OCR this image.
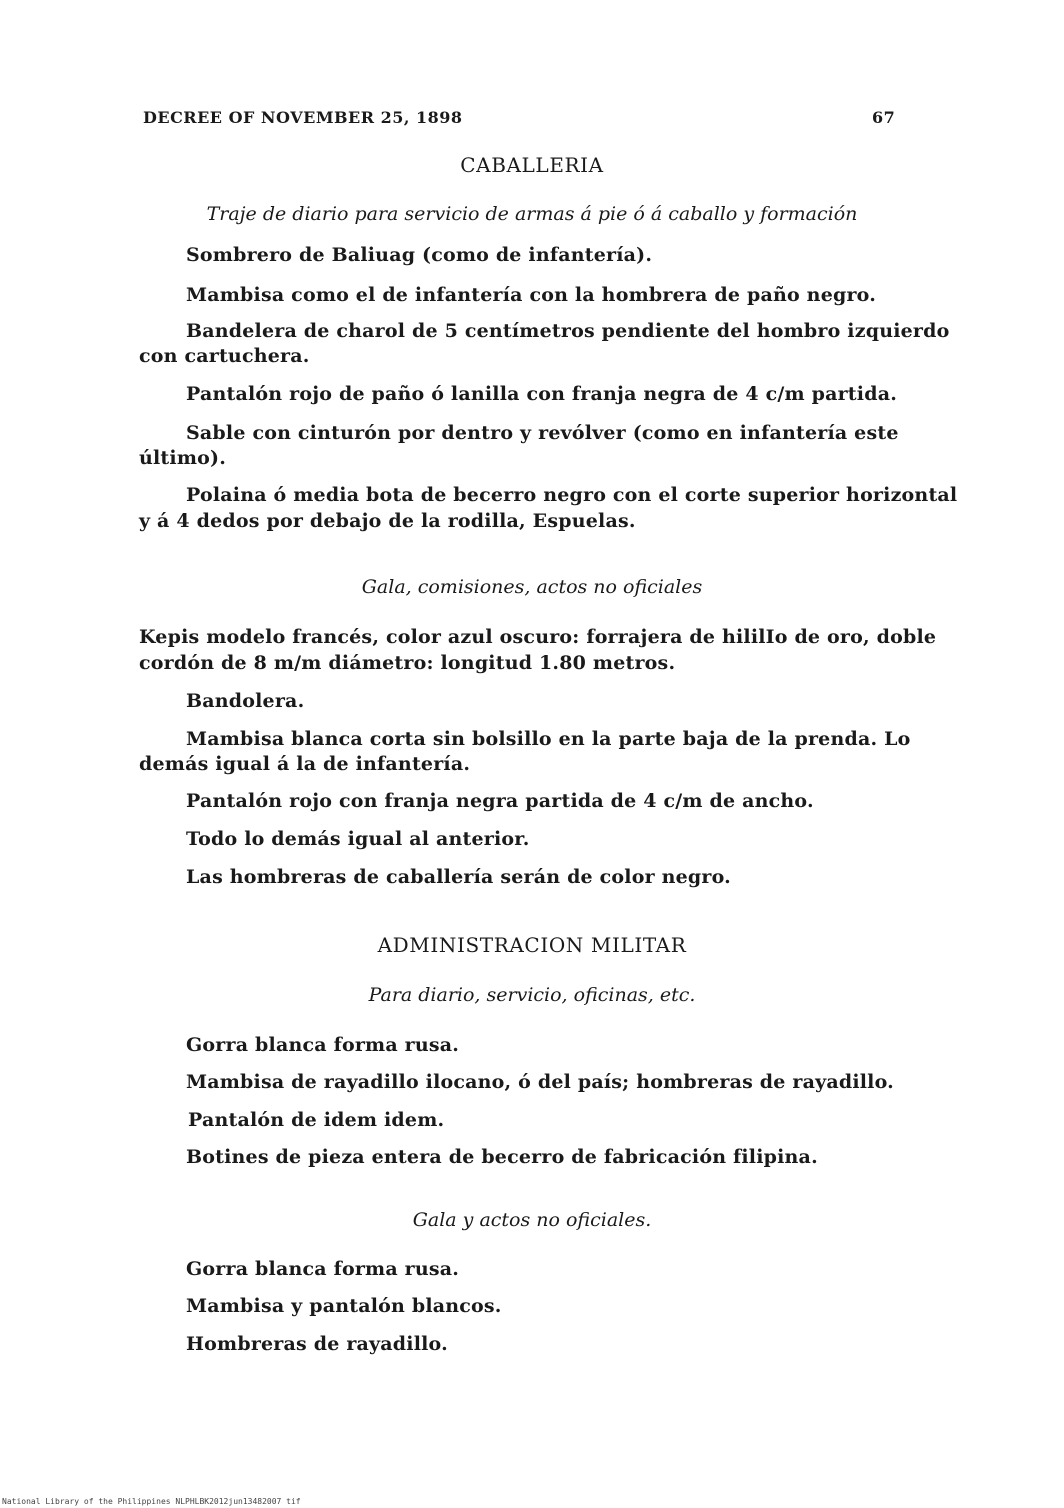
DECREE OF NOVEMBER 25, 1898	67
CABALLERIA
Traje de diario para servicio de armas á pie ó á caballo y formación
Sombrero de Baliuag (como de infantería).
Mambisa como el de infantería con la hombrera de paño negro.
Bandelera de charol de 5 centímetros pendiente del hombro izquierdo
con cartuchera.
Pantalón rojo de paño ó lanilla con franja negra de 4 c/m partida.
Sable con cinturón por dentro y revólver (como en infantería este
último).
Polaina ó media bota de becerro negro con el corte superior horizontal
y á 4 dedos por debajo de la rodilla, Espuelas.
Gala, comisiones, actos no oficiales
Kepis modelo francés, color azul oscuro: forrajera de hililIo de oro, doble
cordón de 8 m/m diámetro: longitud 1.80 metros.
Bandolera.
Mambisa blanca corta sin bolsillo en la parte baja de la prenda. Lo
demás igual á la de infantería.
Pantalón rojo con franja negra partida de 4 c/m de ancho.
Todo lo demás igual al anterior.
Las hombreras de caballería serán de color negro.
ADMINISTRACION MILITAR
Para diario, servicio, oficinas, etc.
Gorra blanca forma rusa.
Mambisa de rayadillo ilocano, ó del país; hombreras de rayadillo.
Pantalón de idem idem.
Botines de pieza entera de becerro de fabricación filipina.
Gala y actos no oficiales.
Gorra blanca forma rusa.
Mambisa y pantalón blancos.
Hombreras de rayadillo.
National Library of the Philippines NLPHLBK2012jun13482007 tif
